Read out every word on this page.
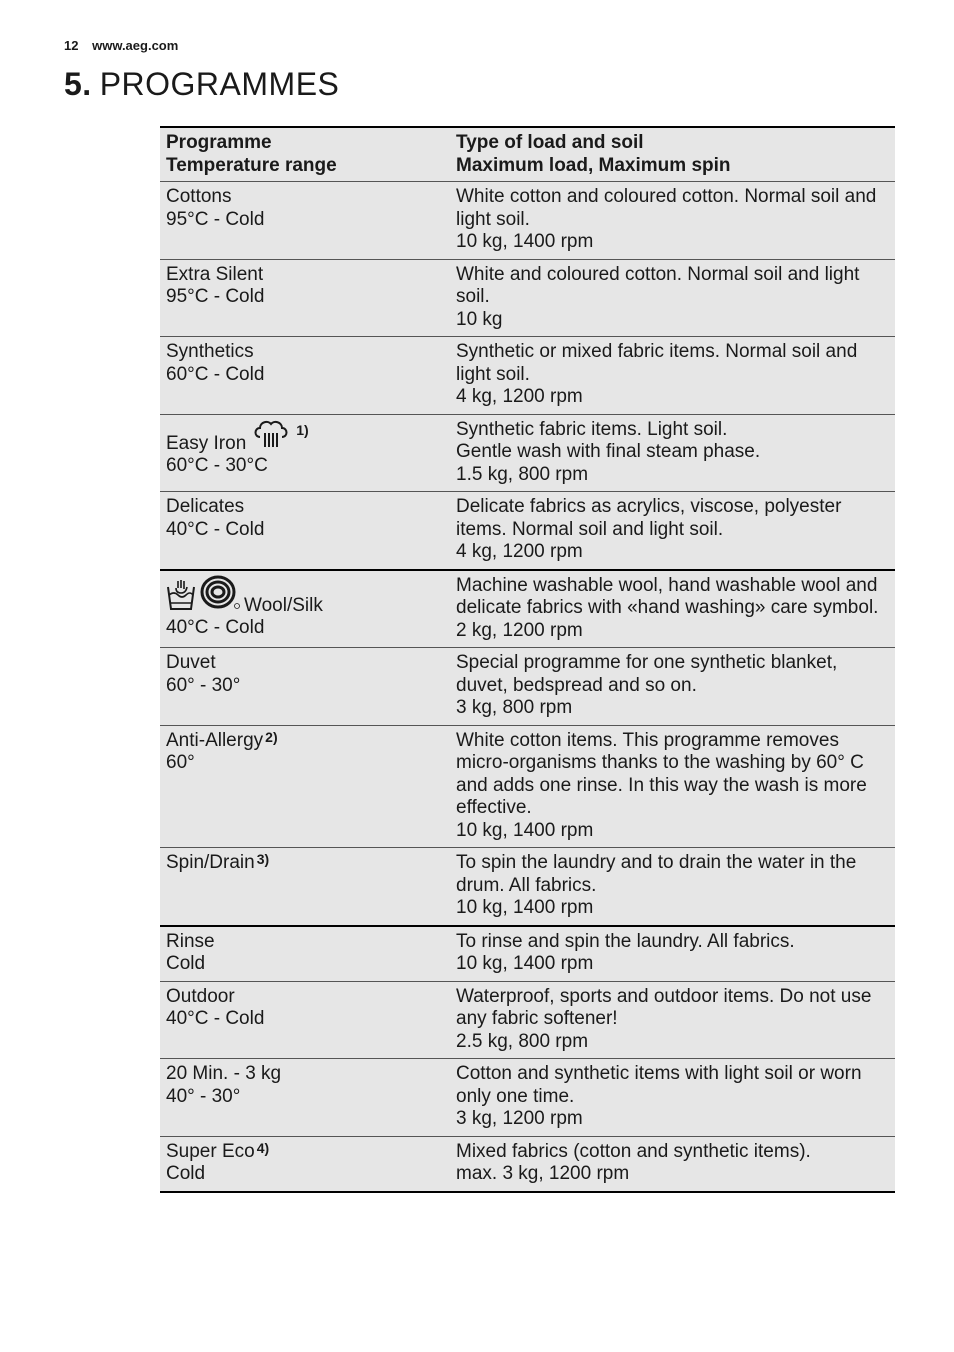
12 www.aeg.com
5. PROGRAMMES
Programme
Temperature range	Type of load and soil
Maximum load, Maximum spin

Cottons
95°C - Cold	White cotton and coloured cotton. Normal soil and light soil.
10 kg, 1400 rpm

Extra Silent
95°C - Cold	White and coloured cotton. Normal soil and light soil.
10 kg

Synthetics
60°C - Cold	Synthetic or mixed fabric items. Normal soil and light soil.
4 kg, 1200 rpm

Easy Iron
$^{1)}$
60°C - 30°C	Synthetic fabric items. Light soil.
Gentle wash with final steam phase.
1.5 kg, 800 rpm

Delicates
40°C - Cold	Delicate fabrics as acrylics, viscose, polyester items. Normal soil and light soil.
4 kg, 1200 rpm

Wool/Silk
40°C - Cold	Machine washable wool, hand washable wool and delicate fabrics with «hand washing» care symbol.
2 kg, 1200 rpm

Duvet
60° - 30°	Special programme for one synthetic blanket, duvet, bedspread and so on.
3 kg, 800 rpm

Anti-Allergy $^{2)}$
60°	White cotton items. This programme removes micro-organisms thanks to the washing by 60° C and adds one rinse. In this way the wash is more effective.
10 kg, 1400 rpm

Spin/Drain $^{3)}$	To spin the laundry and to drain the water in the drum. All fabrics.
10 kg, 1400 rpm

Rinse
Cold	To rinse and spin the laundry. All fabrics.
10 kg, 1400 rpm

Outdoor
40°C - Cold	Waterproof, sports and outdoor items. Do not use any fabric softener!
2.5 kg, 800 rpm

20 Min. - 3 kg
40° - 30°	Cotton and synthetic items with light soil or worn only one time.
3 kg, 1200 rpm

Super Eco $^{4)}$
Cold	Mixed fabrics (cotton and synthetic items).
max. 3 kg, 1200 rpm
